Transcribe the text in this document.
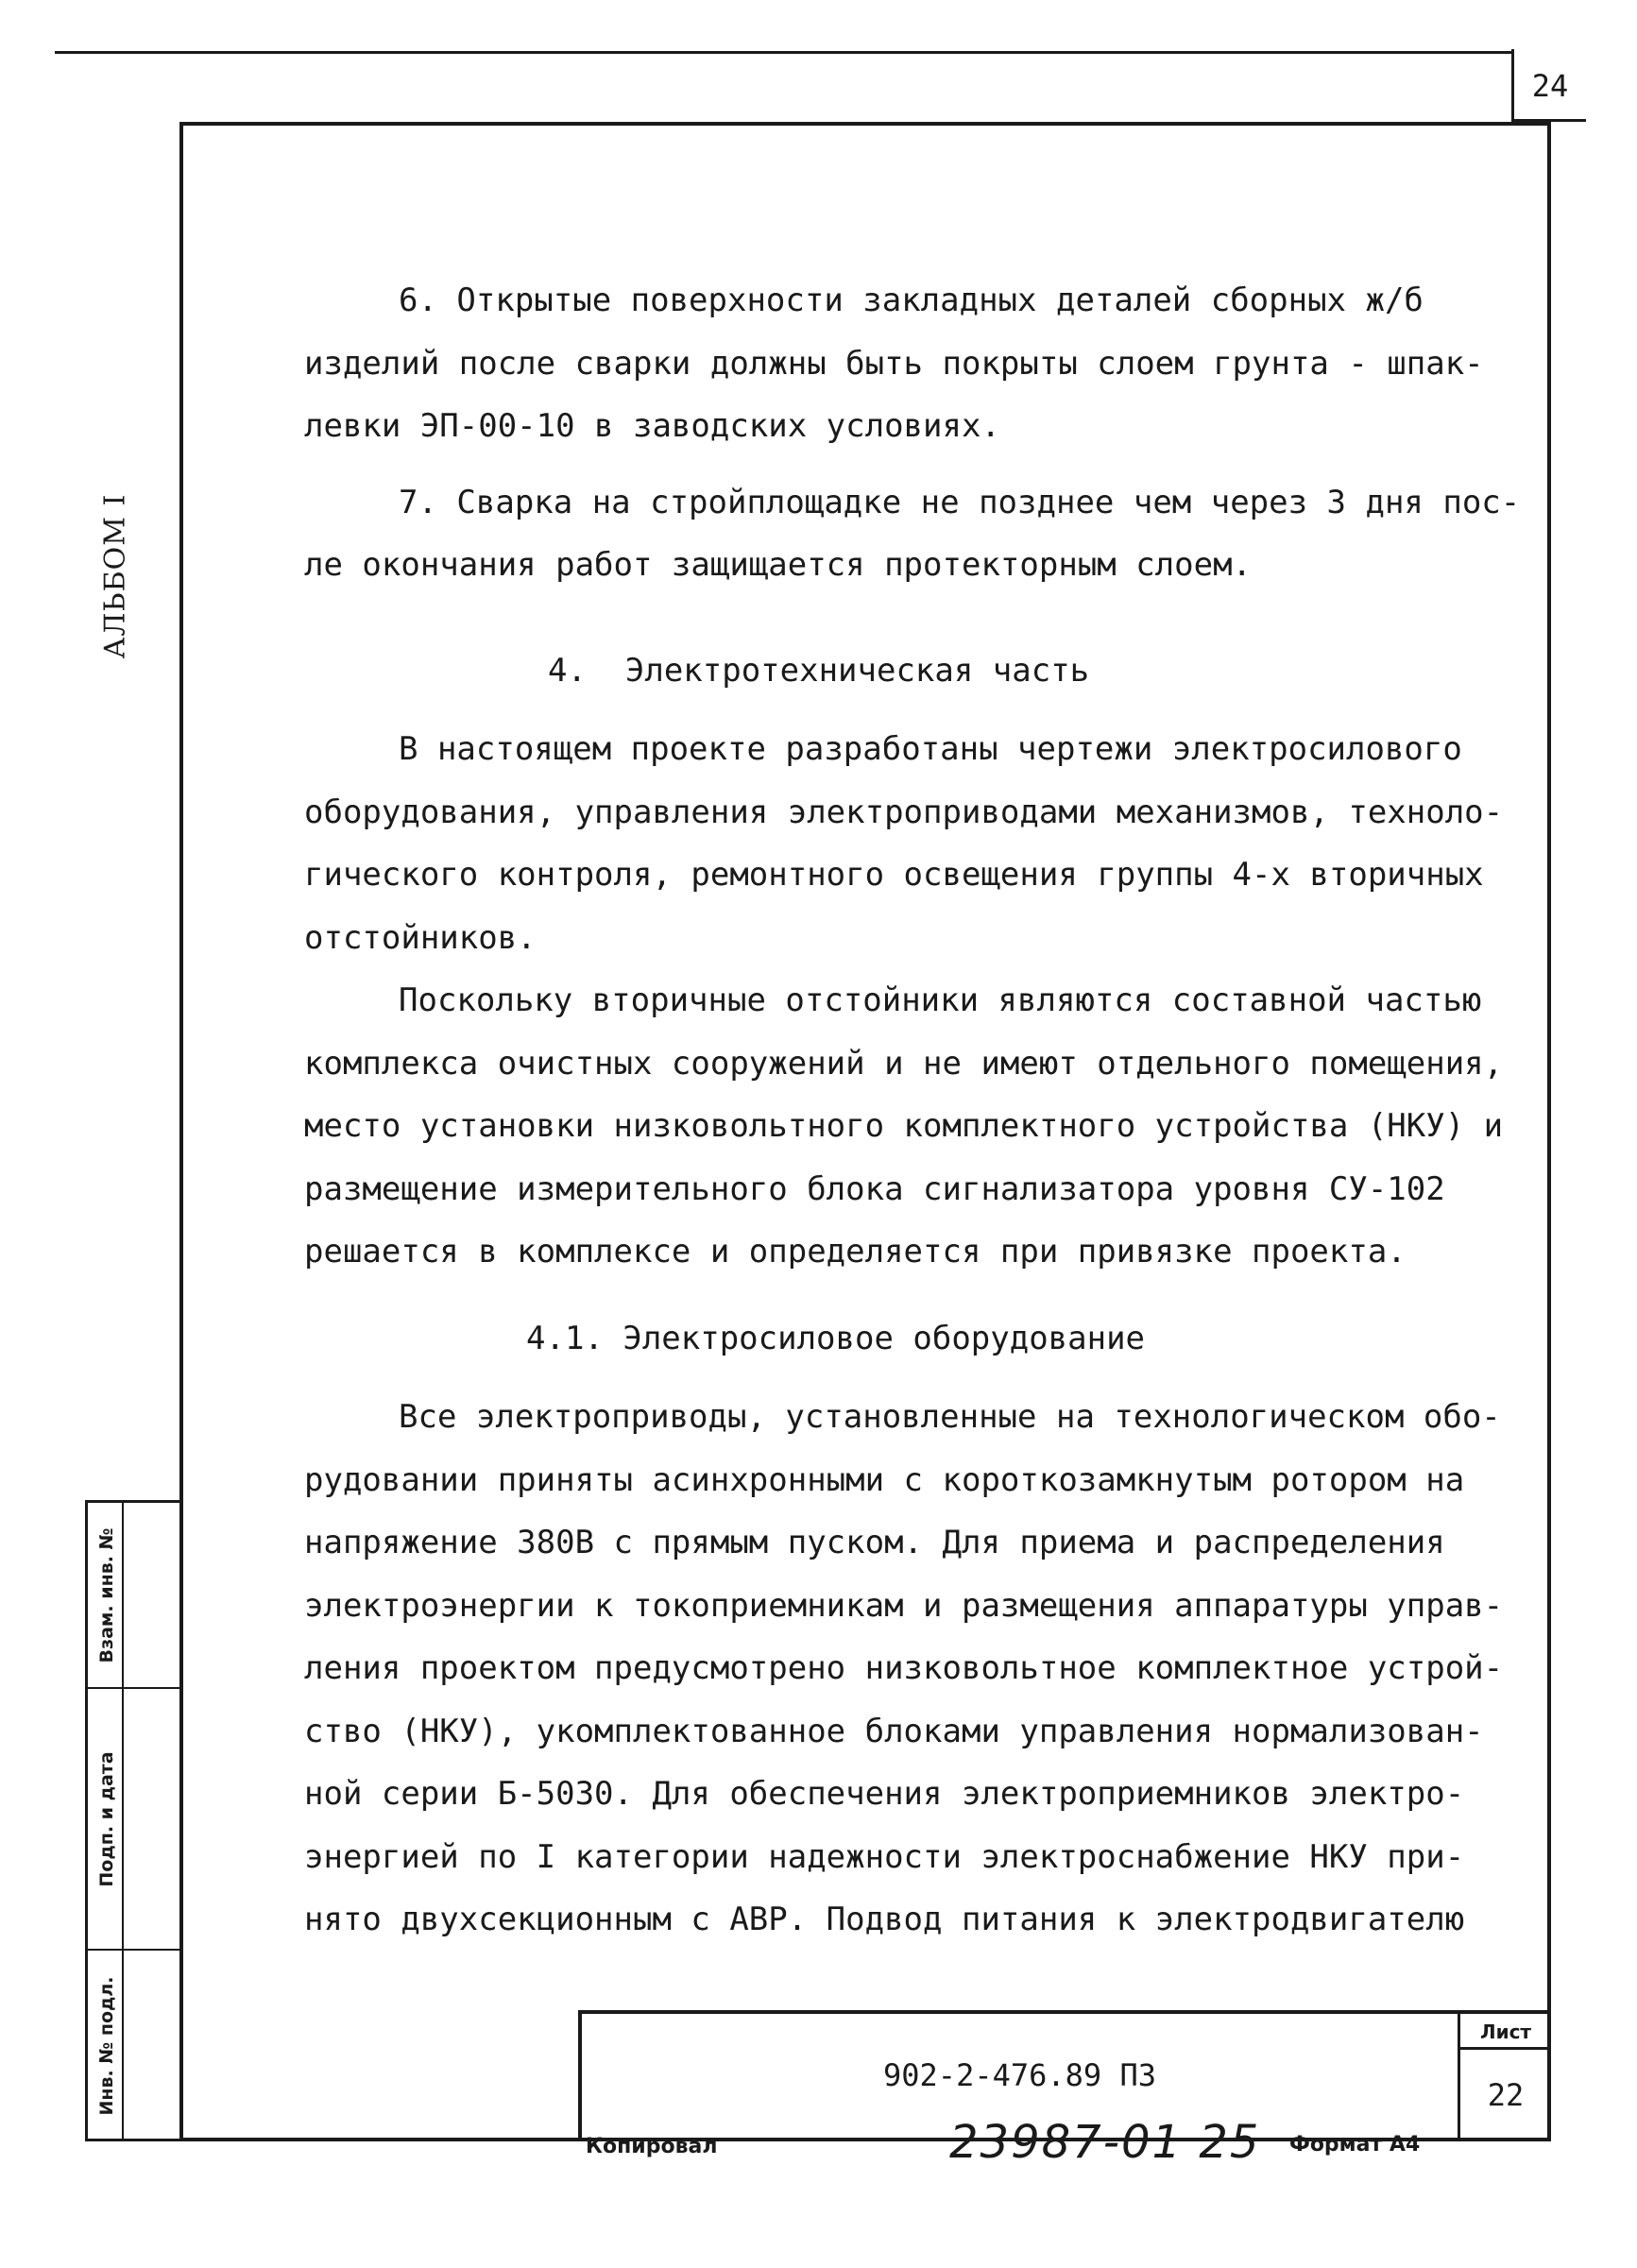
24
АЛЬБОМ I
Взам. инв. №
Подп. и дата
Инв. № подл.

6. Открытые поверхности закладных деталей сборных ж/б

изделий после сварки должны быть покрыты слоем грунта - шпак-

левки ЭП-00-10 в заводских условиях.

7. Сварка на стройплощадке не позднее чем через 3 дня пос-

ле окончания работ защищается протекторным слоем.

4.  Электротехническая часть

В настоящем проекте разработаны чертежи электросилового

оборудования, управления электроприводами механизмов, техноло-

гического контроля, ремонтного освещения группы 4-х вторичных

отстойников.

Поскольку вторичные отстойники являются составной частью

комплекса очистных сооружений и не имеют отдельного помещения,

место установки низковольтного комплектного устройства (НКУ) и

размещение измерительного блока сигнализатора уровня СУ-102

решается в комплексе и определяется при привязке проекта.

4.1. Электросиловое оборудование

Все электроприводы, установленные на технологическом обо-

рудовании приняты асинхронными с короткозамкнутым ротором на

напряжение 380В с прямым пуском. Для приема и распределения

электроэнергии к токоприемникам и размещения аппаратуры управ-

ления проектом предусмотрено низковольтное комплектное устрой-

ство (НКУ), укомплектованное блоками управления нормализован-

ной серии Б-5030. Для обеспечения электроприемников электро-

энергией по I категории надежности электроснабжение НКУ при-

нято двухсекционным с АВР. Подвод питания к электродвигателю

902-2-476.89 ПЗ
Лист
22
Копировал	23987-01 25 Формат А4
